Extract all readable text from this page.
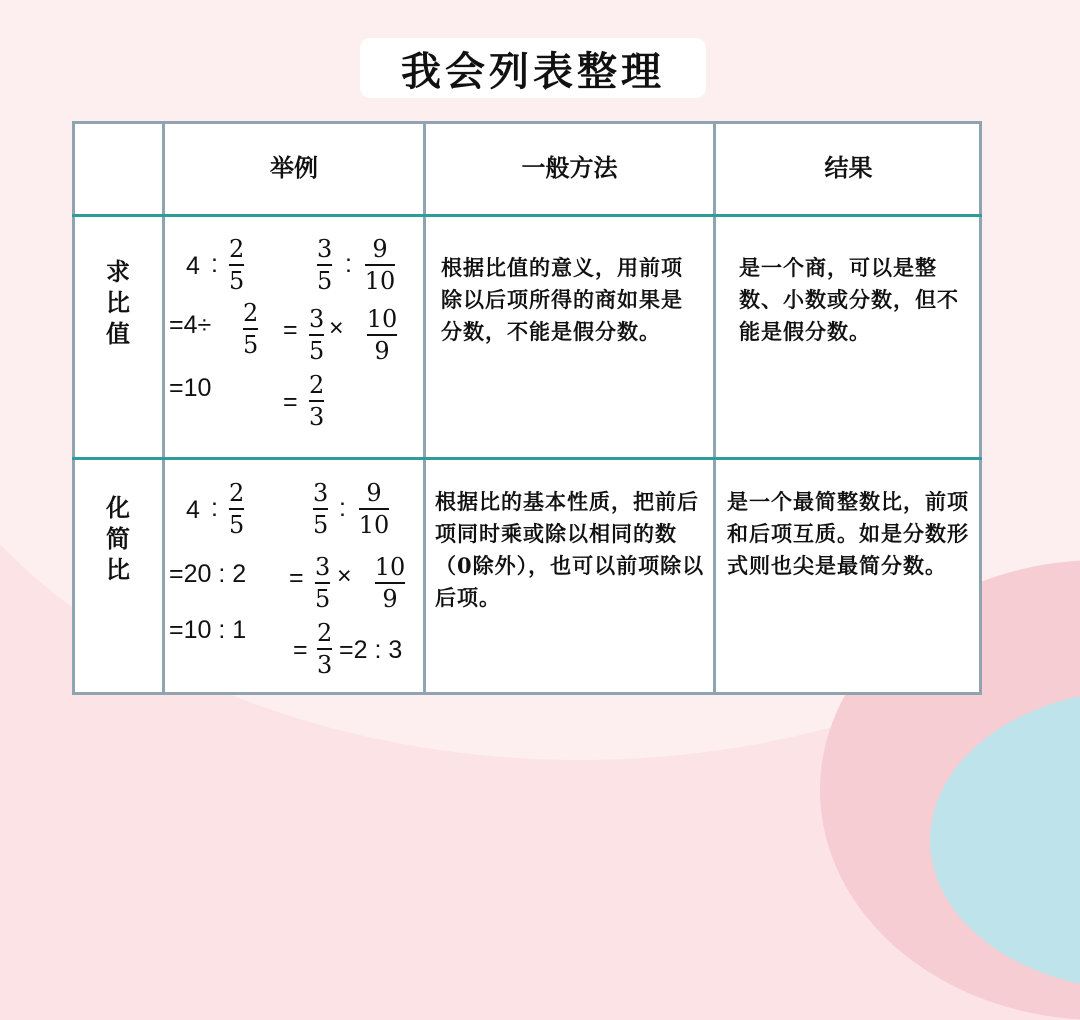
我会列表整理
举例	一般方法	结果
求
比
值
4 :
2
5
=4÷ 2
5
=10
3
5
:
9
10
= 3
5
× 10
9
=
2
3
根据比值的意义，用前项除以后项所得的商如果是分数，不能是假分数。
是一个商，可以是整数、小数或分数，但不能是假分数。
化
简
比
4 :
2
5
=20 : 2
=10 : 1
3
5
:
9
10
= 3
5
× 10
9
=
2
3
=2 : 3
根据比的基本性质，把前后项同时乘或除以相同的数（0除外），也可以前项除以后项。
是一个最简整数比，前项和后项互质。如是分数形式则也尖是最简分数。
